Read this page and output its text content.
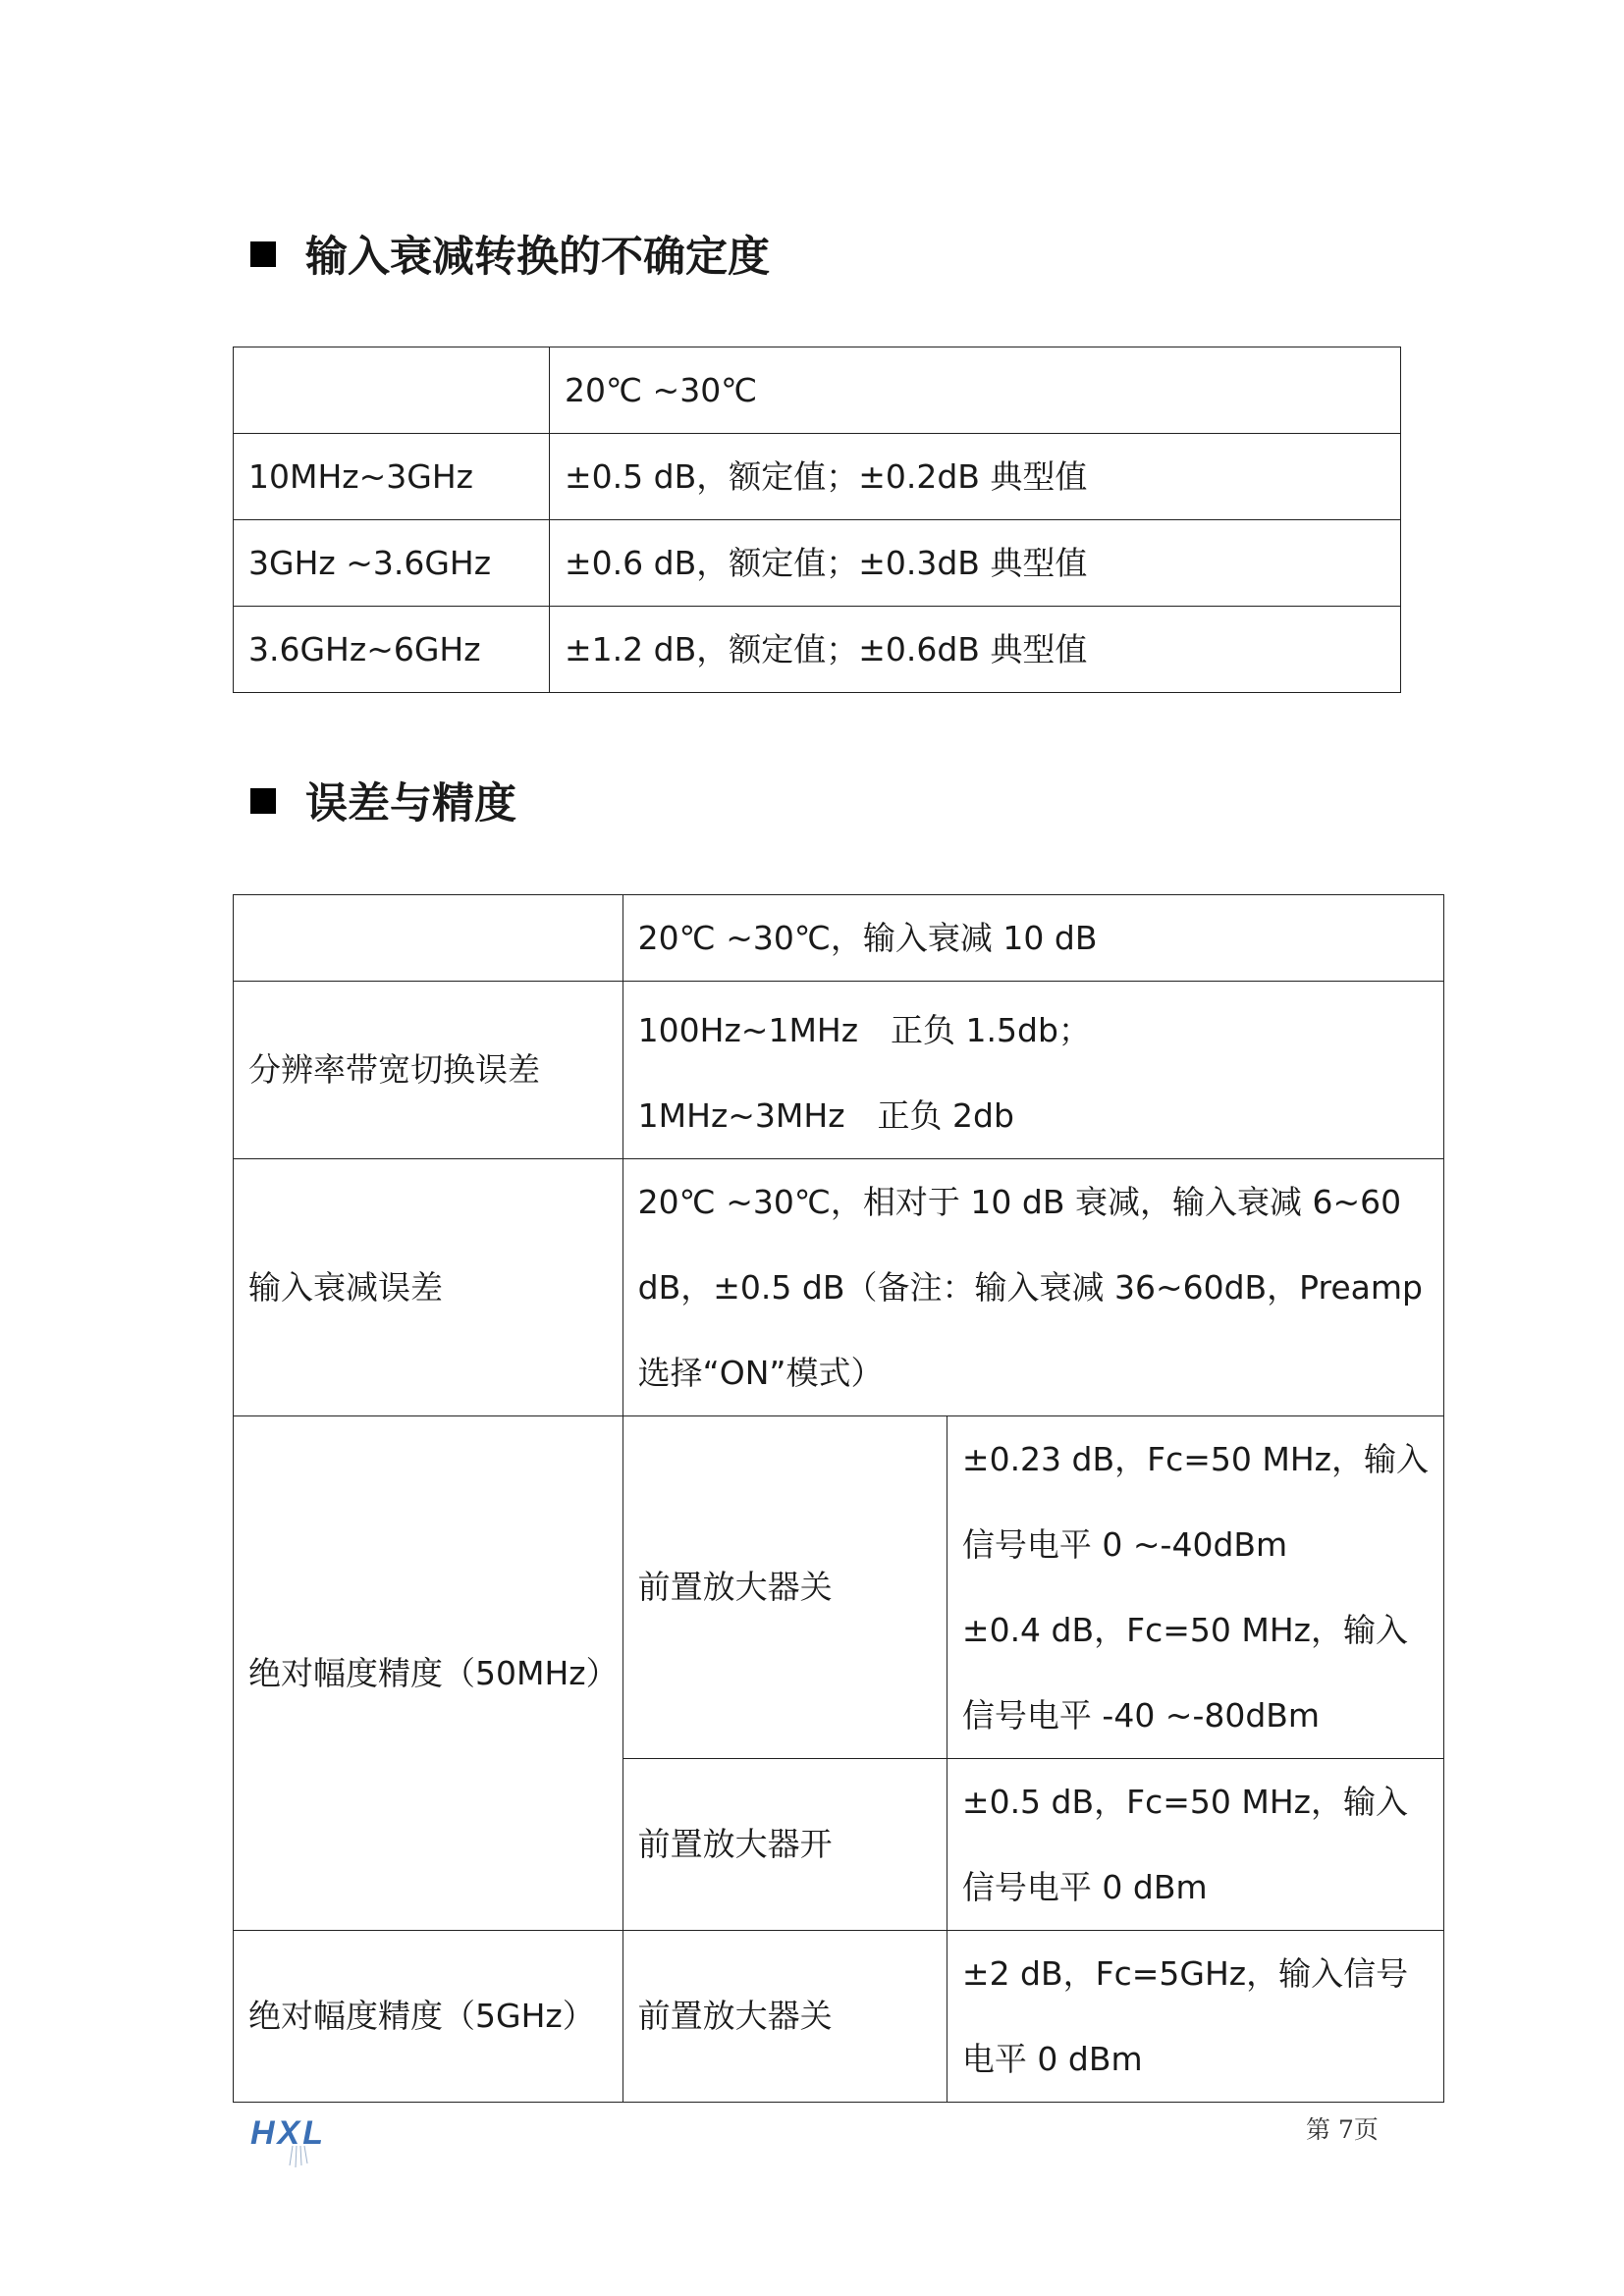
输入衰减转换的不确定度
	20℃ ~30℃
10MHz~3GHz	±0.5 dB，额定值；±0.2dB 典型值
3GHz ~3.6GHz	±0.6 dB，额定值；±0.3dB 典型值
3.6GHz~6GHz	±1.2 dB，额定值；±0.6dB 典型值
误差与精度
	20℃ ~30℃，输入衰减 10 dB	
分辨率带宽切换误差	100Hz~1MHz　正负 1.5db；
1MHz~3MHz　正负 2db	

输入衰减误差	20℃ ~30℃，相对于 10 dB 衰减，输入衰减 6~60
dB，±0.5 dB（备注：输入衰减 36~60dB，Preamp
选择“ON”模式）	

绝对幅度精度（50MHz）	前置放大器关	±0.23 dB，Fc=50 MHz，输入
信号电平 0 ~-40dBm
±0.4 dB，Fc=50 MHz，输入
信号电平 -40 ~-80dBm

	前置放大器开	±0.5 dB，Fc=50 MHz，输入
信号电平 0 dBm

绝对幅度精度（5GHz）	前置放大器关	±2 dB，Fc=5GHz，输入信号
电平 0 dBm
HXL	第 7页
